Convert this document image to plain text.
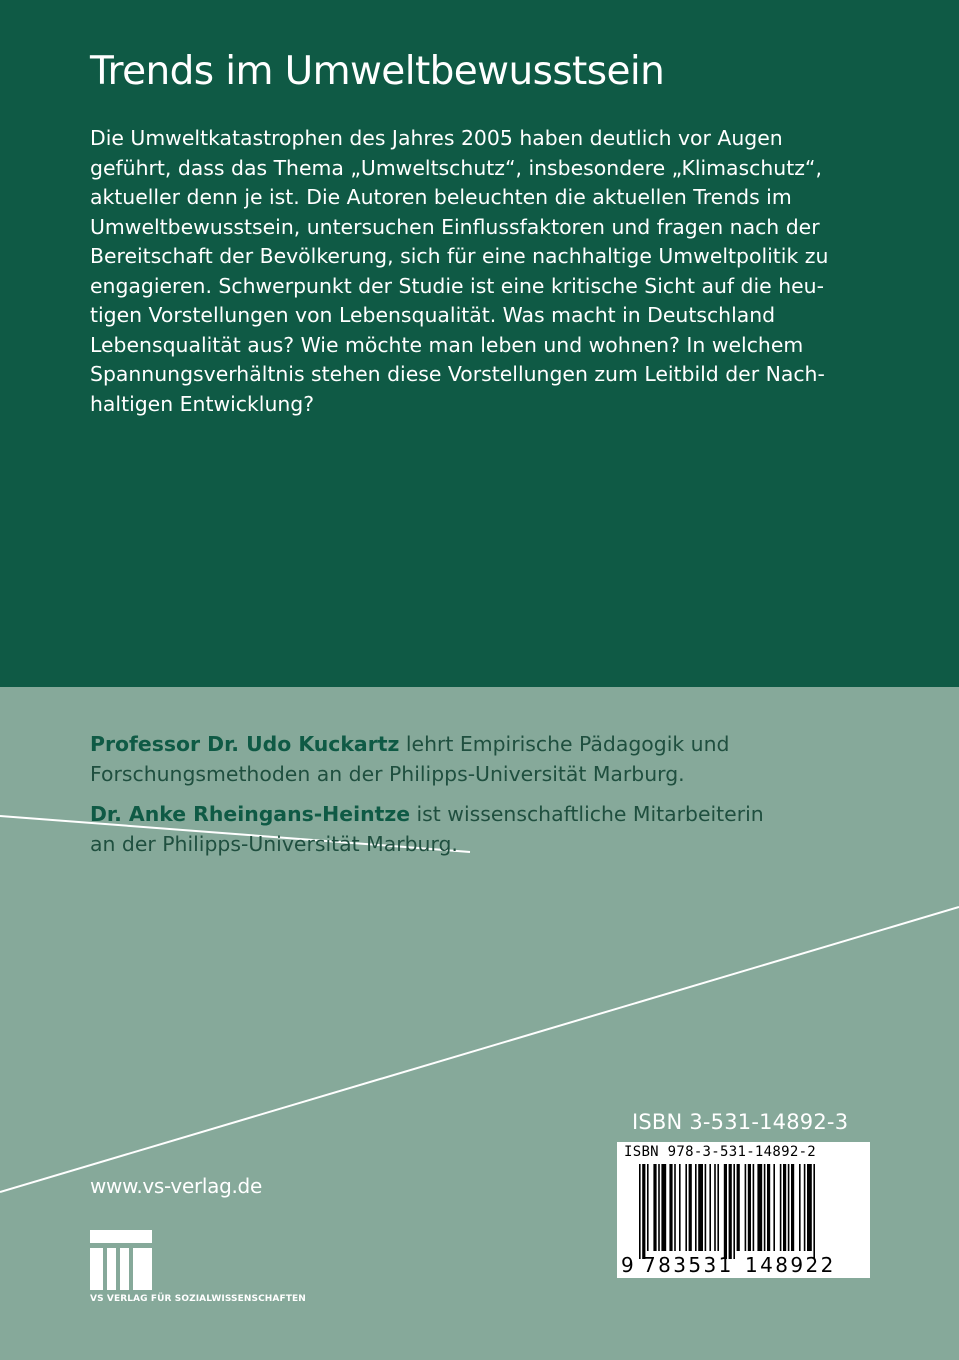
Trends im Umweltbewusstsein
Die Umweltkatastrophen des Jahres 2005 haben deutlich vor Augen
geführt, dass das Thema „Umweltschutz“, insbesondere „Klimaschutz“,
aktueller denn je ist. Die Autoren beleuchten die aktuellen Trends im
Umweltbewusstsein, untersuchen Einflussfaktoren und fragen nach der
Bereitschaft der Bevölkerung, sich für eine nachhaltige Umweltpolitik zu
engagieren. Schwerpunkt der Studie ist eine kritische Sicht auf die heu-
tigen Vorstellungen von Lebensqualität. Was macht in Deutschland
Lebensqualität aus? Wie möchte man leben und wohnen? In welchem
Spannungsverhältnis stehen diese Vorstellungen zum Leitbild der Nach-
haltigen Entwicklung?
Professor Dr. Udo Kuckartz lehrt Empirische Pädagogik und
Forschungsmethoden an der Philipps-Universität Marburg.
Dr. Anke Rheingans-Heintze ist wissenschaftliche Mitarbeiterin
an der Philipps-Universität Marburg.
www.vs-verlag.de
VS VERLAG FÜR SOZIALWISSENSCHAFTEN
ISBN 3-531-14892-3
ISBN 978-3-531-14892-2
9 783531 148922
